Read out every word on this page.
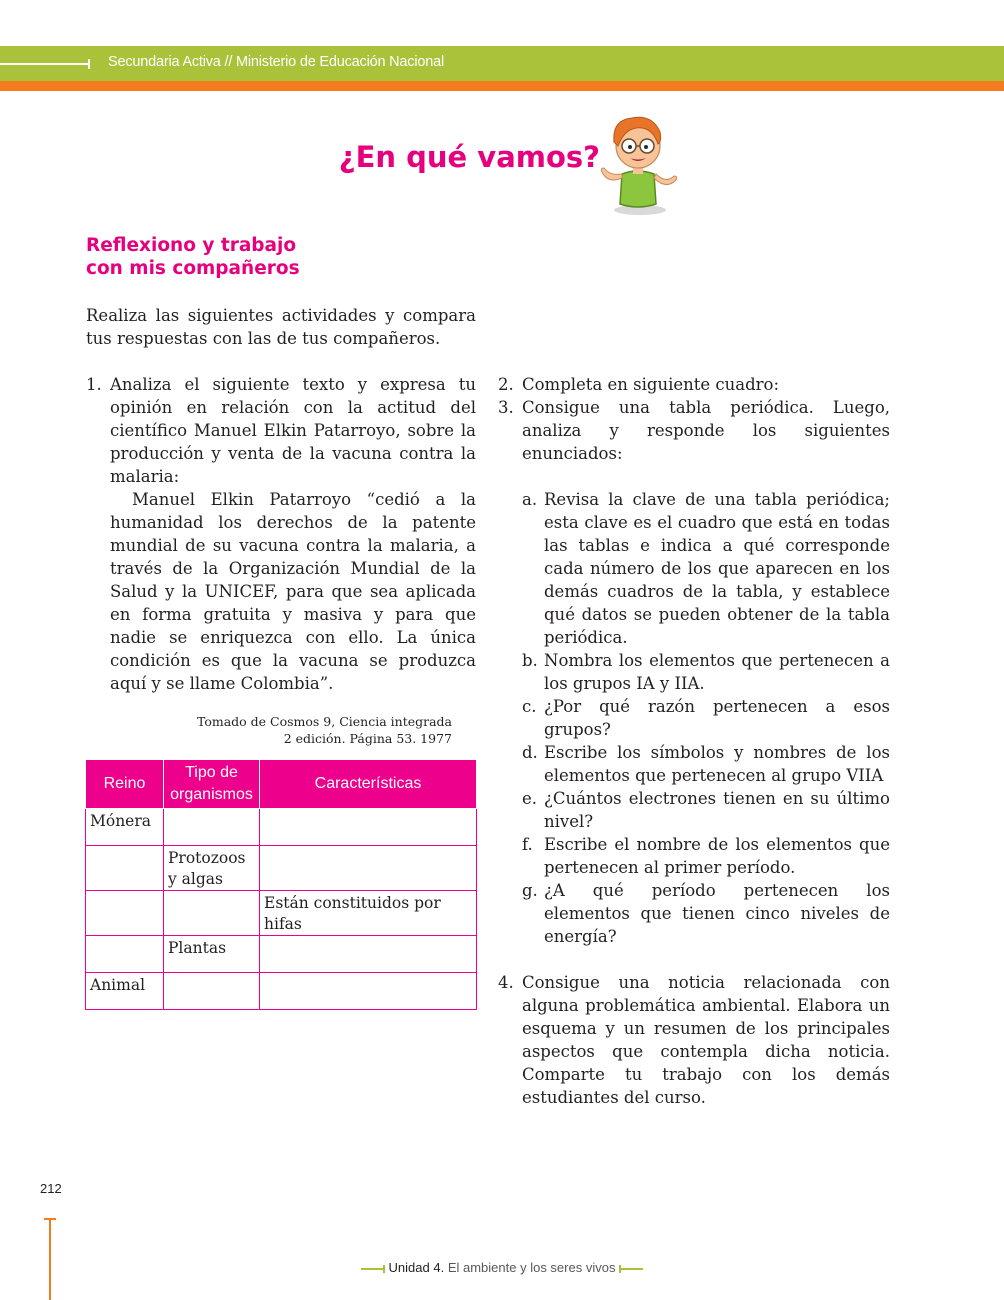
Secundaria Activa // Ministerio de Educación Nacional
¿En qué vamos?
Reflexiono y trabajo
con mis compañeros
Realiza las siguientes actividades y compara tus respuestas con las de tus compañeros.
1. Analiza el siguiente texto y expresa tu opinión en relación con la actitud del científico Manuel Elkin Patarroyo, sobre la producción y venta de la vacuna contra la malaria:
Manuel Elkin Patarroyo “cedió a la humanidad los derechos de la patente mundial de su vacuna contra la malaria, a través de la Organización Mundial de la Salud y la UNICEF, para que sea aplicada en forma gratuita y masiva y para que nadie se enriquezca con ello. La única condición es que la vacuna se produzca aquí y se llame Colombia”.
Tomado de Cosmos 9, Ciencia integrada
2 edición. Página 53. 1977
Reino	Tipo de organismos	Características
Mónera		
	Protozoos y algas	
		Están constituidos por hifas
	Plantas	
Animal		
2. Completa en siguiente cuadro:
3. Consigue una tabla periódica. Luego, analiza y responde los siguientes enunciados:
a. Revisa la clave de una tabla periódica; esta clave es el cuadro que está en todas las tablas e indica a qué corresponde cada número de los que aparecen en los demás cuadros de la tabla, y establece qué datos se pueden obtener de la tabla periódica.
b. Nombra los elementos que pertenecen a los grupos IA y IIA.
c. ¿Por qué razón pertenecen a esos grupos?
d. Escribe los símbolos y nombres de los elementos que pertenecen al grupo VIIA
e. ¿Cuántos electrones tienen en su último nivel?
f. Escribe el nombre de los elementos que pertenecen al primer período.
g. ¿A qué período pertenecen los elementos que tienen cinco niveles de energía?
4. Consigue una noticia relacionada con alguna problemática ambiental. Elabora un esquema y un resumen de los principales aspectos que contempla dicha noticia. Comparte tu trabajo con los demás estudiantes del curso.
212
Unidad 4. El ambiente y los seres vivos
